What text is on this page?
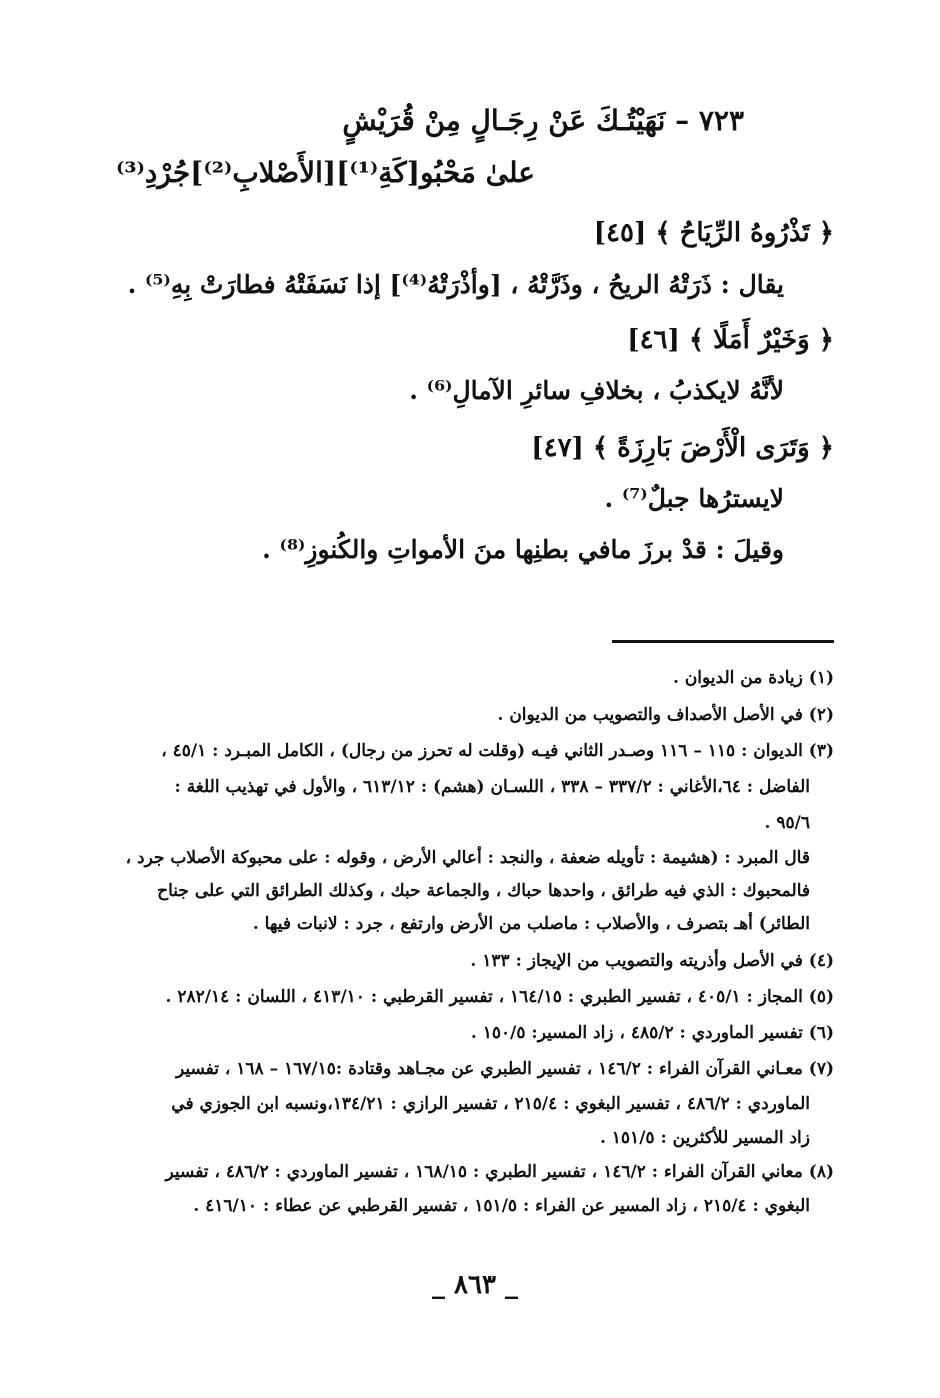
٧٢٣ – نَهَيْتُـكَ عَنْ رِجَـالٍ مِنْ قُرَيْشٍ
علىٰ مَحْبُو[كَةِ⁽¹⁾][الأَصْلابِ⁽²⁾]جُرْدِ⁽³⁾
﴿ تَذْرُوهُ الرِّيَاحُ ﴾ [٤٥]
يقال : ذَرَتْهُ الريحُ ، وذَرَّتْهُ ، [وأذْرَتْهُ⁽⁴⁾] إذا نَسَفَتْهُ فطارَتْ بِهِ⁽⁵⁾ .
﴿ وَخَيْرٌ أَمَلًا ﴾ [٤٦]
لأنَّهُ لايكذبُ ، بخلافِ سائرِ الآمالِ⁽⁶⁾ .
﴿ وَتَرَى الْأَرْضَ بَارِزَةً ﴾ [٤٧]
لايسترُها جبلٌ⁽⁷⁾ .
وقيلَ : قدْ برزَ مافي بطنِها منَ الأمواتِ والكُنوزِ⁽⁸⁾ .
(١) زيادة من الديوان .
(٢) في الأصل الأصداف والتصويب من الديوان .
(٣) الديوان : ١١٥ – ١١٦ وصـدر الثاني فيـه (وقلت له تحرز من رجال) ، الكامل المبـرد : ٤٥/١ ،
الفاضل : ٦٤،الأغاني : ٣٣٧/٢ – ٣٣٨ ، اللسـان (هشم) : ٦١٣/١٢ ، والأول في تهذيب اللغة :
٩٥/٦ .
قال المبرد : (هشيمة : تأويله ضعفة ، والنجد : أعالي الأرض ، وقوله : على محبوكة الأصلاب جرد ،
فالمحبوك : الذي فيه طرائق ، واحدها حباك ، والجماعة حبك ، وكذلك الطرائق التي على جناح
الطائر) أهـ بتصرف ، والأصلاب : ماصلب من الأرض وارتفع ، جرد : لانبات فيها .
(٤) في الأصل وأذريته والتصويب من الإيجاز : ١٣٣ .
(٥) المجاز : ٤٠٥/١ ، تفسير الطبري : ١٦٤/١٥ ، تفسير القرطبي : ٤١٣/١٠ ، اللسان : ٢٨٢/١٤ .
(٦) تفسير الماوردي : ٤٨٥/٢ ، زاد المسير: ١٥٠/٥ .
(٧) معـاني القرآن الفراء : ١٤٦/٢ ، تفسير الطبري عن مجـاهد وقتادة :١٦٧/١٥ – ١٦٨ ، تفسير
الماوردي : ٤٨٦/٢ ، تفسير البغوي : ٢١٥/٤ ، تفسير الرازي : ١٣٤/٢١،ونسبه ابن الجوزي في
زاد المسير للأكثرين : ١٥١/٥ .
(٨) معاني القرآن الفراء : ١٤٦/٢ ، تفسير الطبري : ١٦٨/١٥ ، تفسير الماوردي : ٤٨٦/٢ ، تفسير
البغوي : ٢١٥/٤ ، زاد المسير عن الفراء : ١٥١/٥ ، تفسير القرطبي عن عطاء : ٤١٦/١٠ .
_ ٨٦٣ _
